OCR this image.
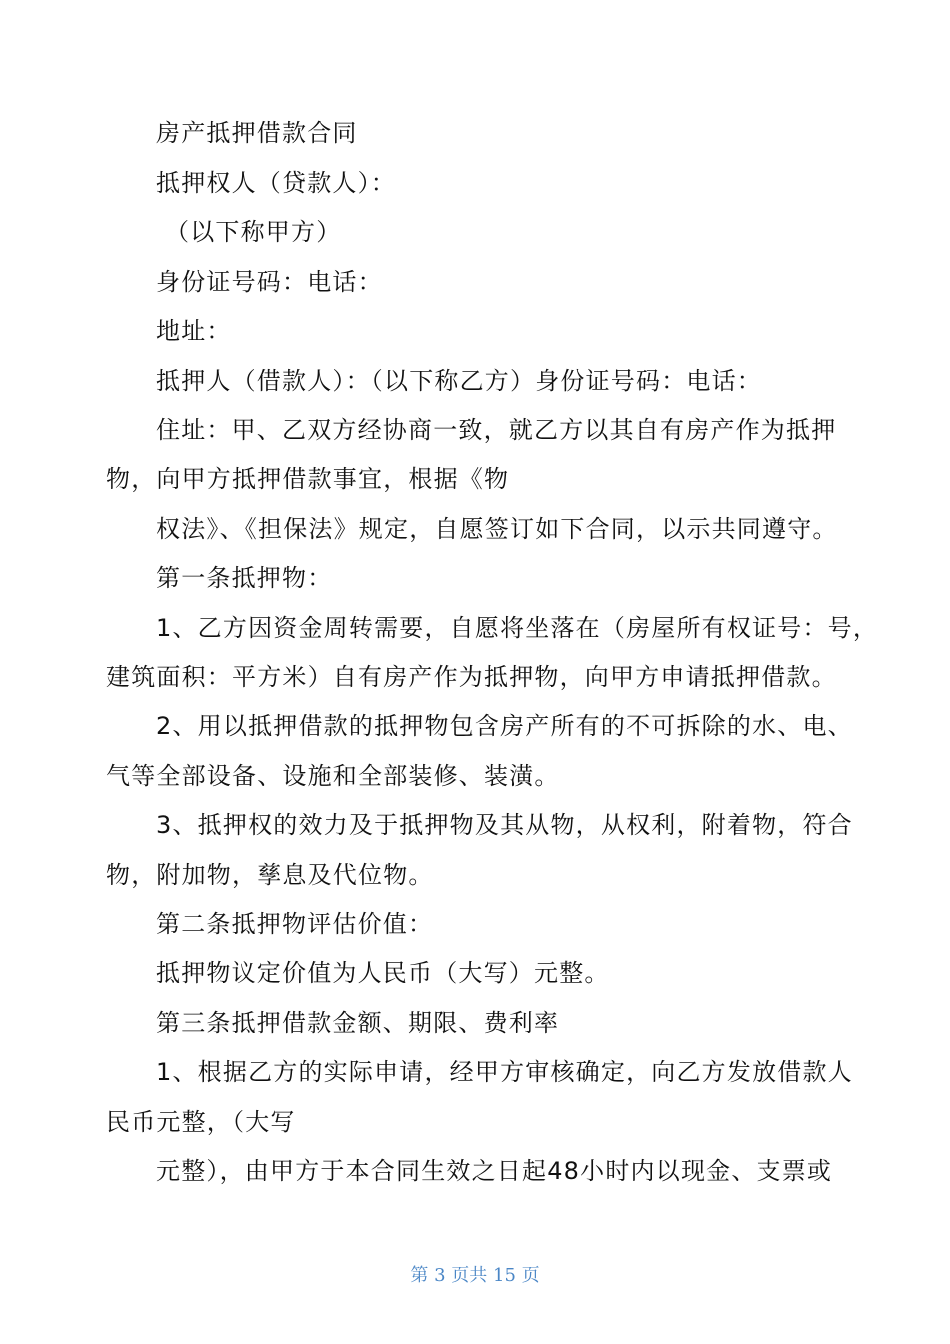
房产抵押借款合同
抵押权人（贷款人）：
（以下称甲方）
身份证号码：电话：
地址：
抵押人（借款人）：（以下称乙方）身份证号码：电话：
住址：甲、乙双方经协商一致，就乙方以其自有房产作为抵押
物，向甲方抵押借款事宜，根据《物
权法》、《担保法》规定，自愿签订如下合同，以示共同遵守。
第一条抵押物：
1、乙方因资金周转需要，自愿将坐落在（房屋所有权证号：号，
建筑面积：平方米）自有房产作为抵押物，向甲方申请抵押借款。
2、用以抵押借款的抵押物包含房产所有的不可拆除的水、电、
气等全部设备、设施和全部装修、装潢。
3、抵押权的效力及于抵押物及其从物，从权利，附着物，符合
物，附加物，孳息及代位物。
第二条抵押物评估价值：
抵押物议定价值为人民币（大写）元整。
第三条抵押借款金额、期限、费利率
1、根据乙方的实际申请，经甲方审核确定，向乙方发放借款人
民币元整，（大写
元整），由甲方于本合同生效之日起48小时内以现金、支票或
第 3 页共 15 页
